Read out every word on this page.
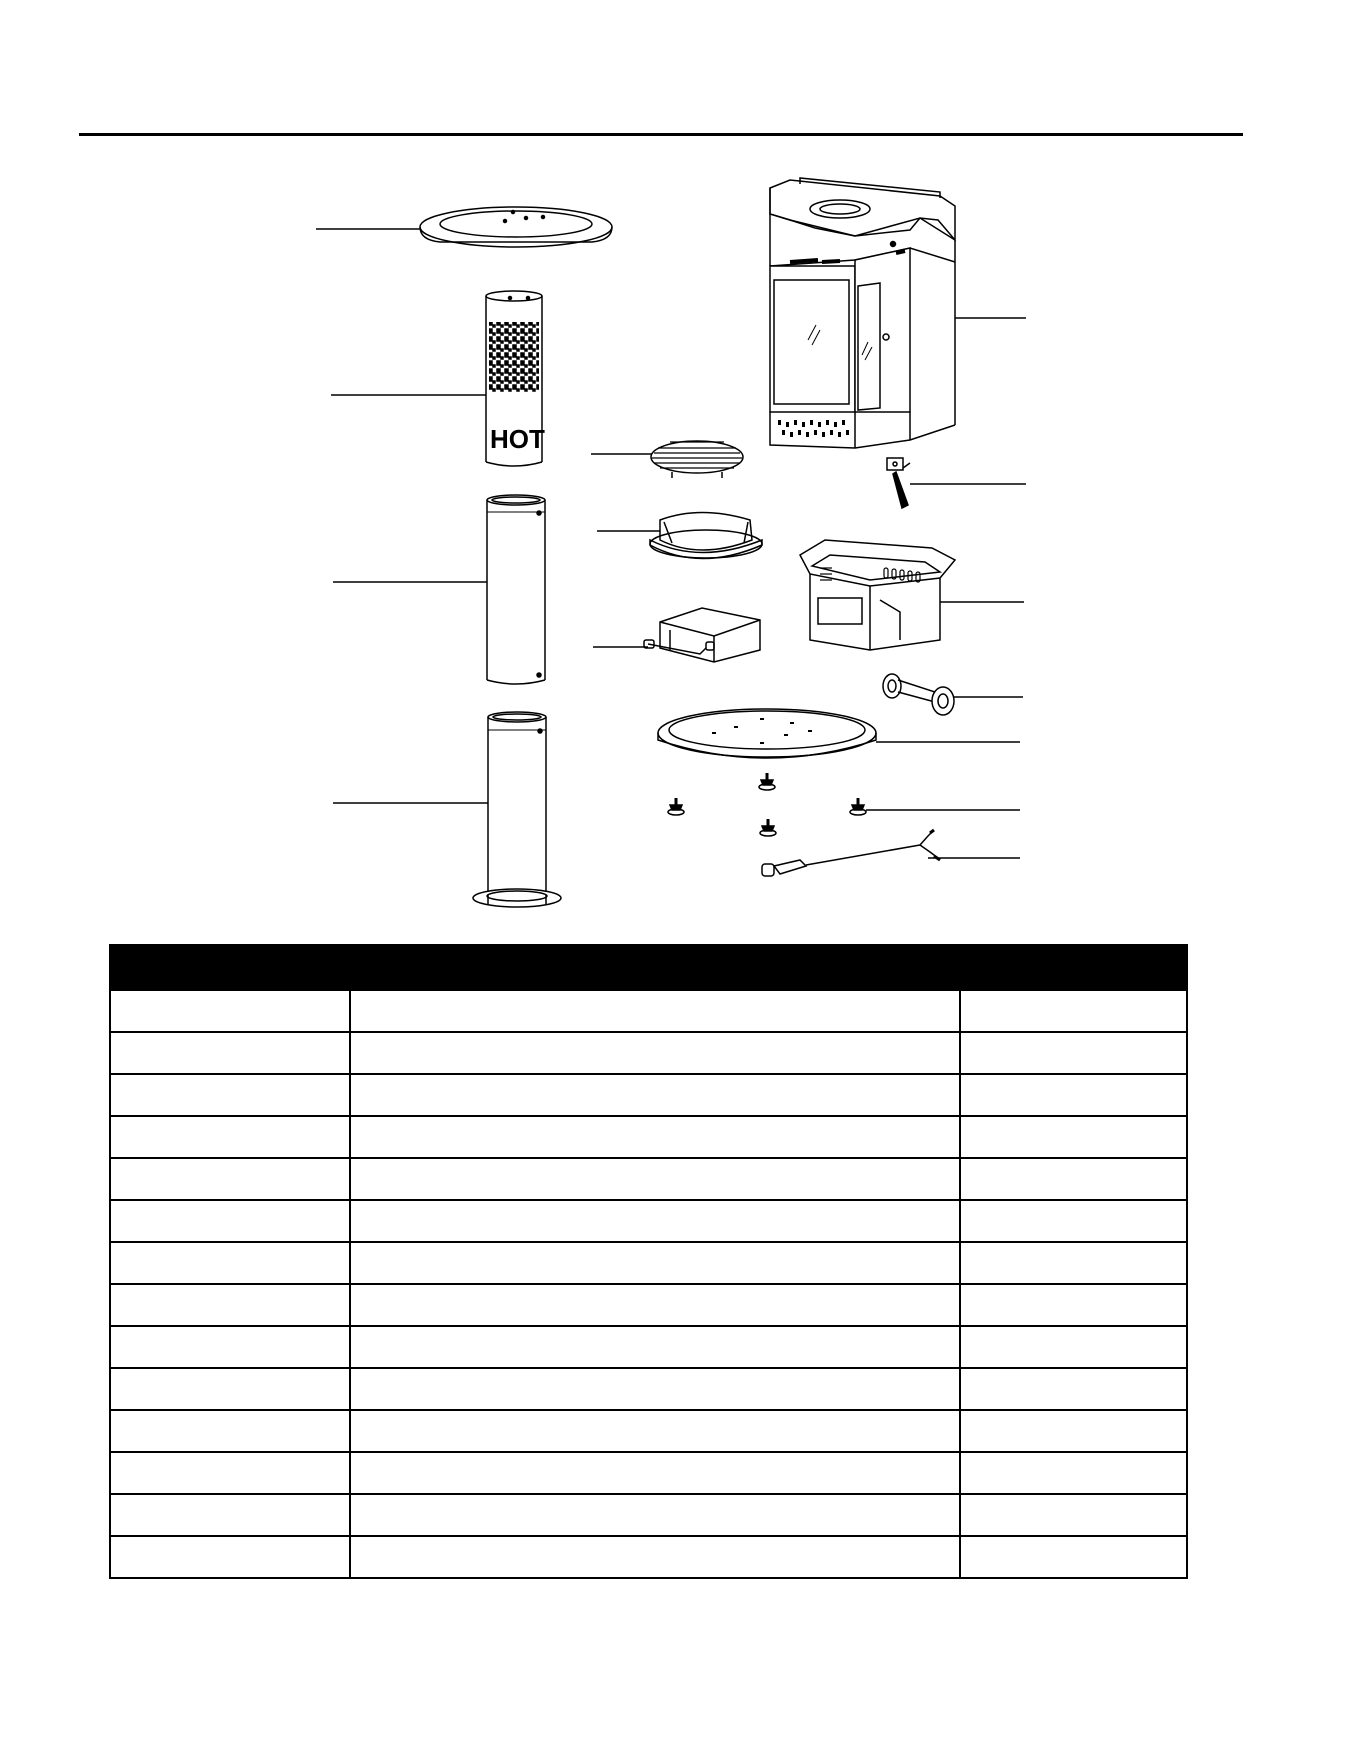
HOT
